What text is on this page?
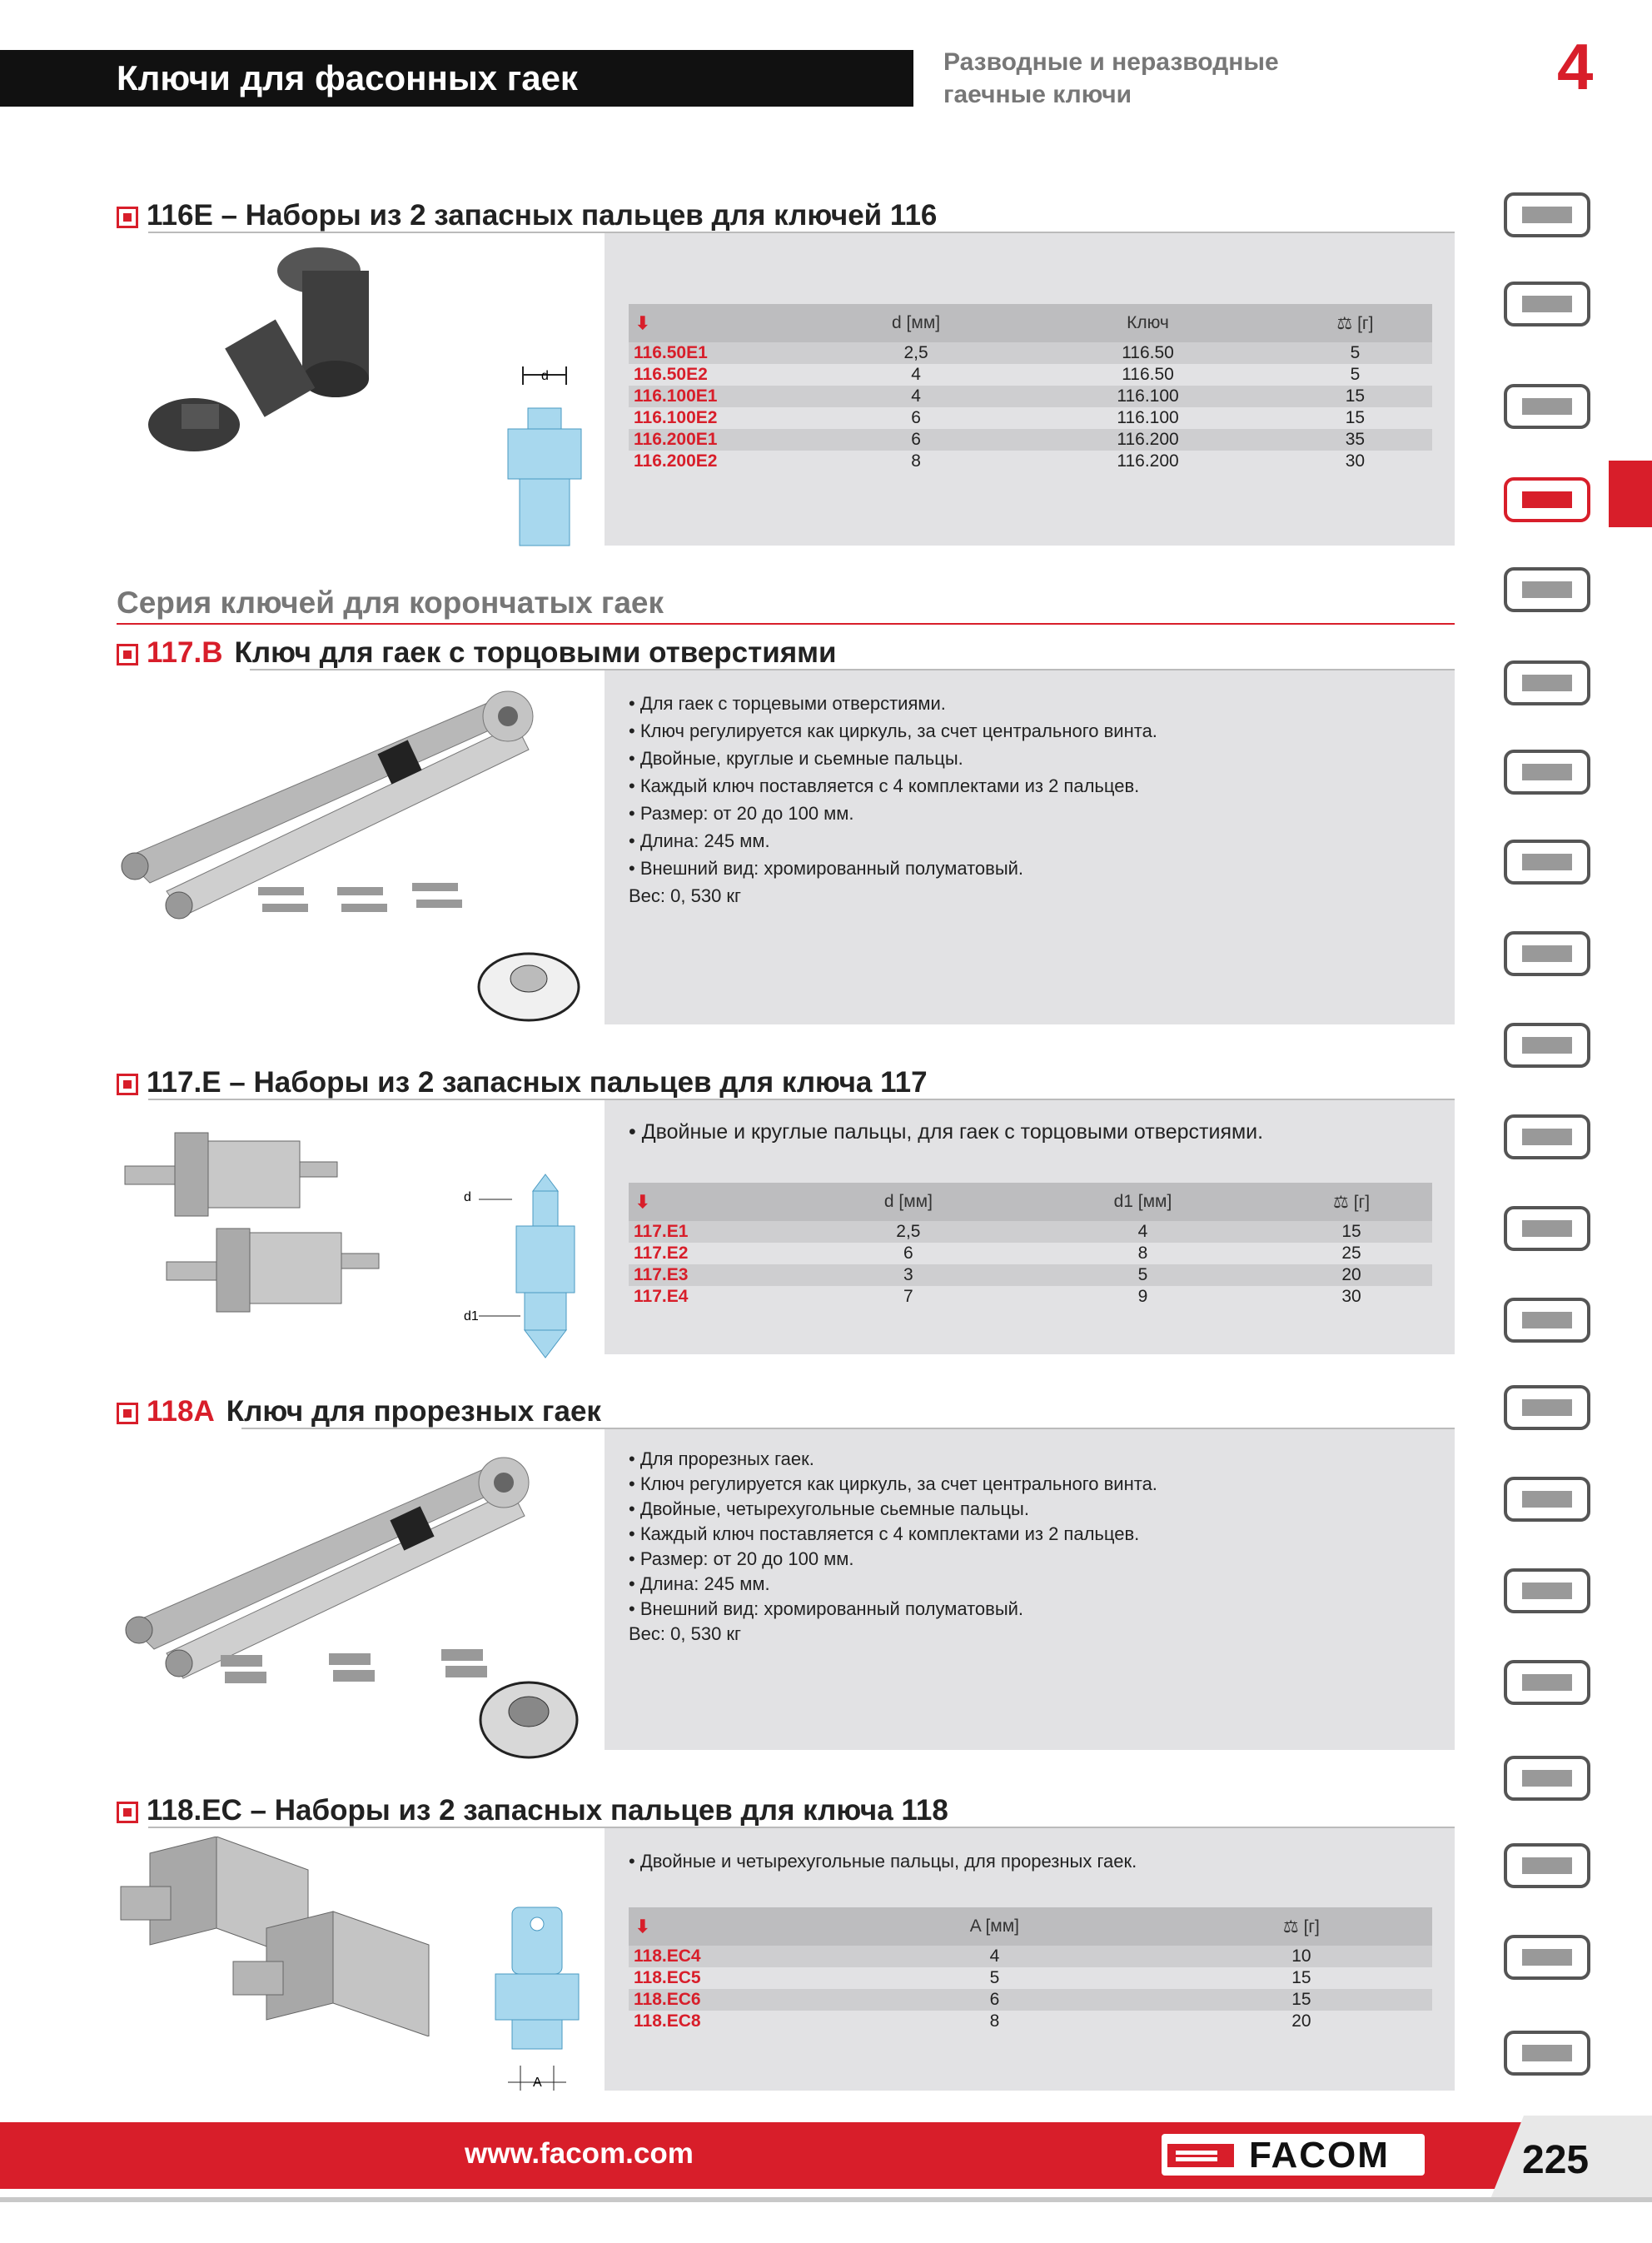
Ключи для фасонных гаек	Разводные и неразводные
гаечные ключи	4
116E – Наборы из 2 запасных пальцев для ключей 116
d
⬇	d [мм]	Ключ	⚖ [г]
116.50E1	2,5	116.50	5
116.50E2	4	116.50	5
116.100E1	4	116.100	15
116.100E2	6	116.100	15
116.200E1	6	116.200	35
116.200E2	8	116.200	30
Серия ключей для корончатых гаек
117.B Ключ для гаек с торцовыми отверстиями
• Для гаек с торцевыми отверстиями.
• Ключ регулируется как циркуль, за счет центрального винта.
• Двойные, круглые и сьемные пальцы.
• Каждый ключ поставляется с 4 комплектами из 2 пальцев.
• Размер: от 20 до 100 мм.
• Длина: 245 мм.
• Внешний вид: хромированный полуматовый.
Вес: 0, 530 кг
117.E – Наборы из 2 запасных пальцев для ключа 117
d
d1
• Двойные и круглые пальцы, для гаек с торцовыми отверстиями.
⬇	d [мм]	d1 [мм]	⚖ [г]
117.E1	2,5	4	15
117.E2	6	8	25
117.E3	3	5	20
117.E4	7	9	30
118A Ключ для прорезных гаек
• Для прорезных гаек.
• Ключ регулируется как циркуль, за счет центрального винта.
• Двойные, четырехугольные сьемные пальцы.
• Каждый ключ поставляется с 4 комплектами из 2 пальцев.
• Размер: от 20 до 100 мм.
• Длина: 245 мм.
• Внешний вид: хромированный полуматовый.
Вес: 0, 530 кг
118.EC – Наборы из 2 запасных пальцев для ключа 118
A
• Двойные и четырехугольные пальцы, для прорезных гаек.
⬇	A [мм]	⚖ [г]
118.EC4	4	10
118.EC5	5	15
118.EC6	6	15
118.EC8	8	20
www.facom.com	FACOM	225
